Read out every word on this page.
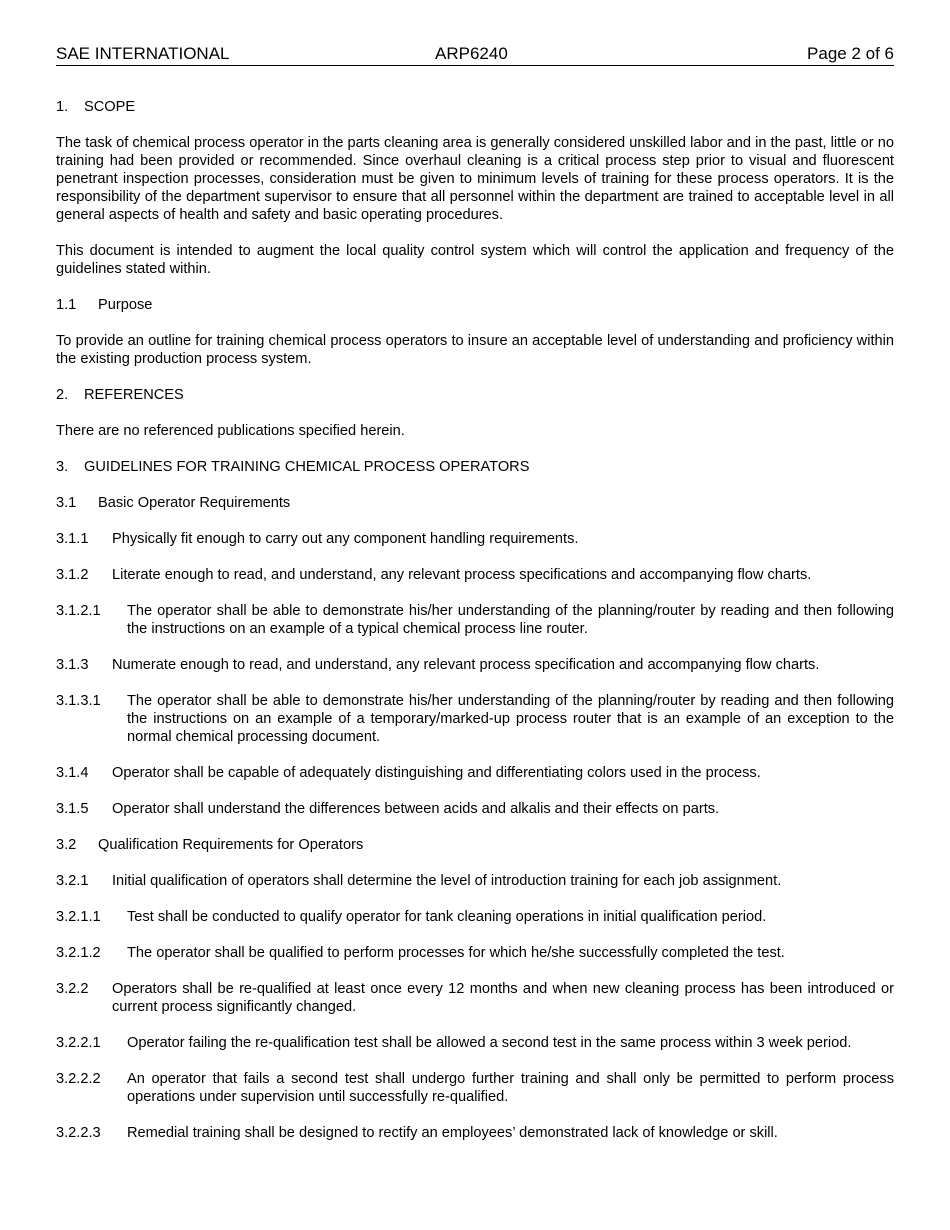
SAE INTERNATIONAL	ARP6240	Page 2 of 6
1.	SCOPE

The task of chemical process operator in the parts cleaning area is generally considered unskilled labor and in the past, little or no training had been provided or recommended. Since overhaul cleaning is a critical process step prior to visual and fluorescent penetrant inspection processes, consideration must be given to minimum levels of training for these process operators. It is the responsibility of the department supervisor to ensure that all personnel within the department are trained to acceptable level in all general aspects of health and safety and basic operating procedures.

This document is intended to augment the local quality control system which will control the application and frequency of the guidelines stated within.

1.1	Purpose

To provide an outline for training chemical process operators to insure an acceptable level of understanding and proficiency within the existing production process system.

2.	REFERENCES

There are no referenced publications specified herein.

3.	GUIDELINES FOR TRAINING CHEMICAL PROCESS OPERATORS
3.1	Basic Operator Requirements
3.1.1	Physically fit enough to carry out any component handling requirements.
3.1.2	Literate enough to read, and understand, any relevant process specifications and accompanying flow charts.
3.1.2.1	The operator shall be able to demonstrate his/her understanding of the planning/router by reading and then following the instructions on an example of a typical chemical process line router.
3.1.3	Numerate enough to read, and understand, any relevant process specification and accompanying flow charts.
3.1.3.1	The operator shall be able to demonstrate his/her understanding of the planning/router by reading and then following the instructions on an example of a temporary/marked-up process router that is an example of an exception to the normal chemical processing document.
3.1.4	Operator shall be capable of adequately distinguishing and differentiating colors used in the process.
3.1.5	Operator shall understand the differences between acids and alkalis and their effects on parts.
3.2	Qualification Requirements for Operators
3.2.1	Initial qualification of operators shall determine the level of introduction training for each job assignment.
3.2.1.1	Test shall be conducted to qualify operator for tank cleaning operations in initial qualification period.
3.2.1.2	The operator shall be qualified to perform processes for which he/she successfully completed the test.
3.2.2	Operators shall be re-qualified at least once every 12 months and when new cleaning process has been introduced or current process significantly changed.
3.2.2.1	Operator failing the re-qualification test shall be allowed a second test in the same process within 3 week period.
3.2.2.2	An operator that fails a second test shall undergo further training and shall only be permitted to perform process operations under supervision until successfully re-qualified.
3.2.2.3	Remedial training shall be designed to rectify an employees’ demonstrated lack of knowledge or skill.
